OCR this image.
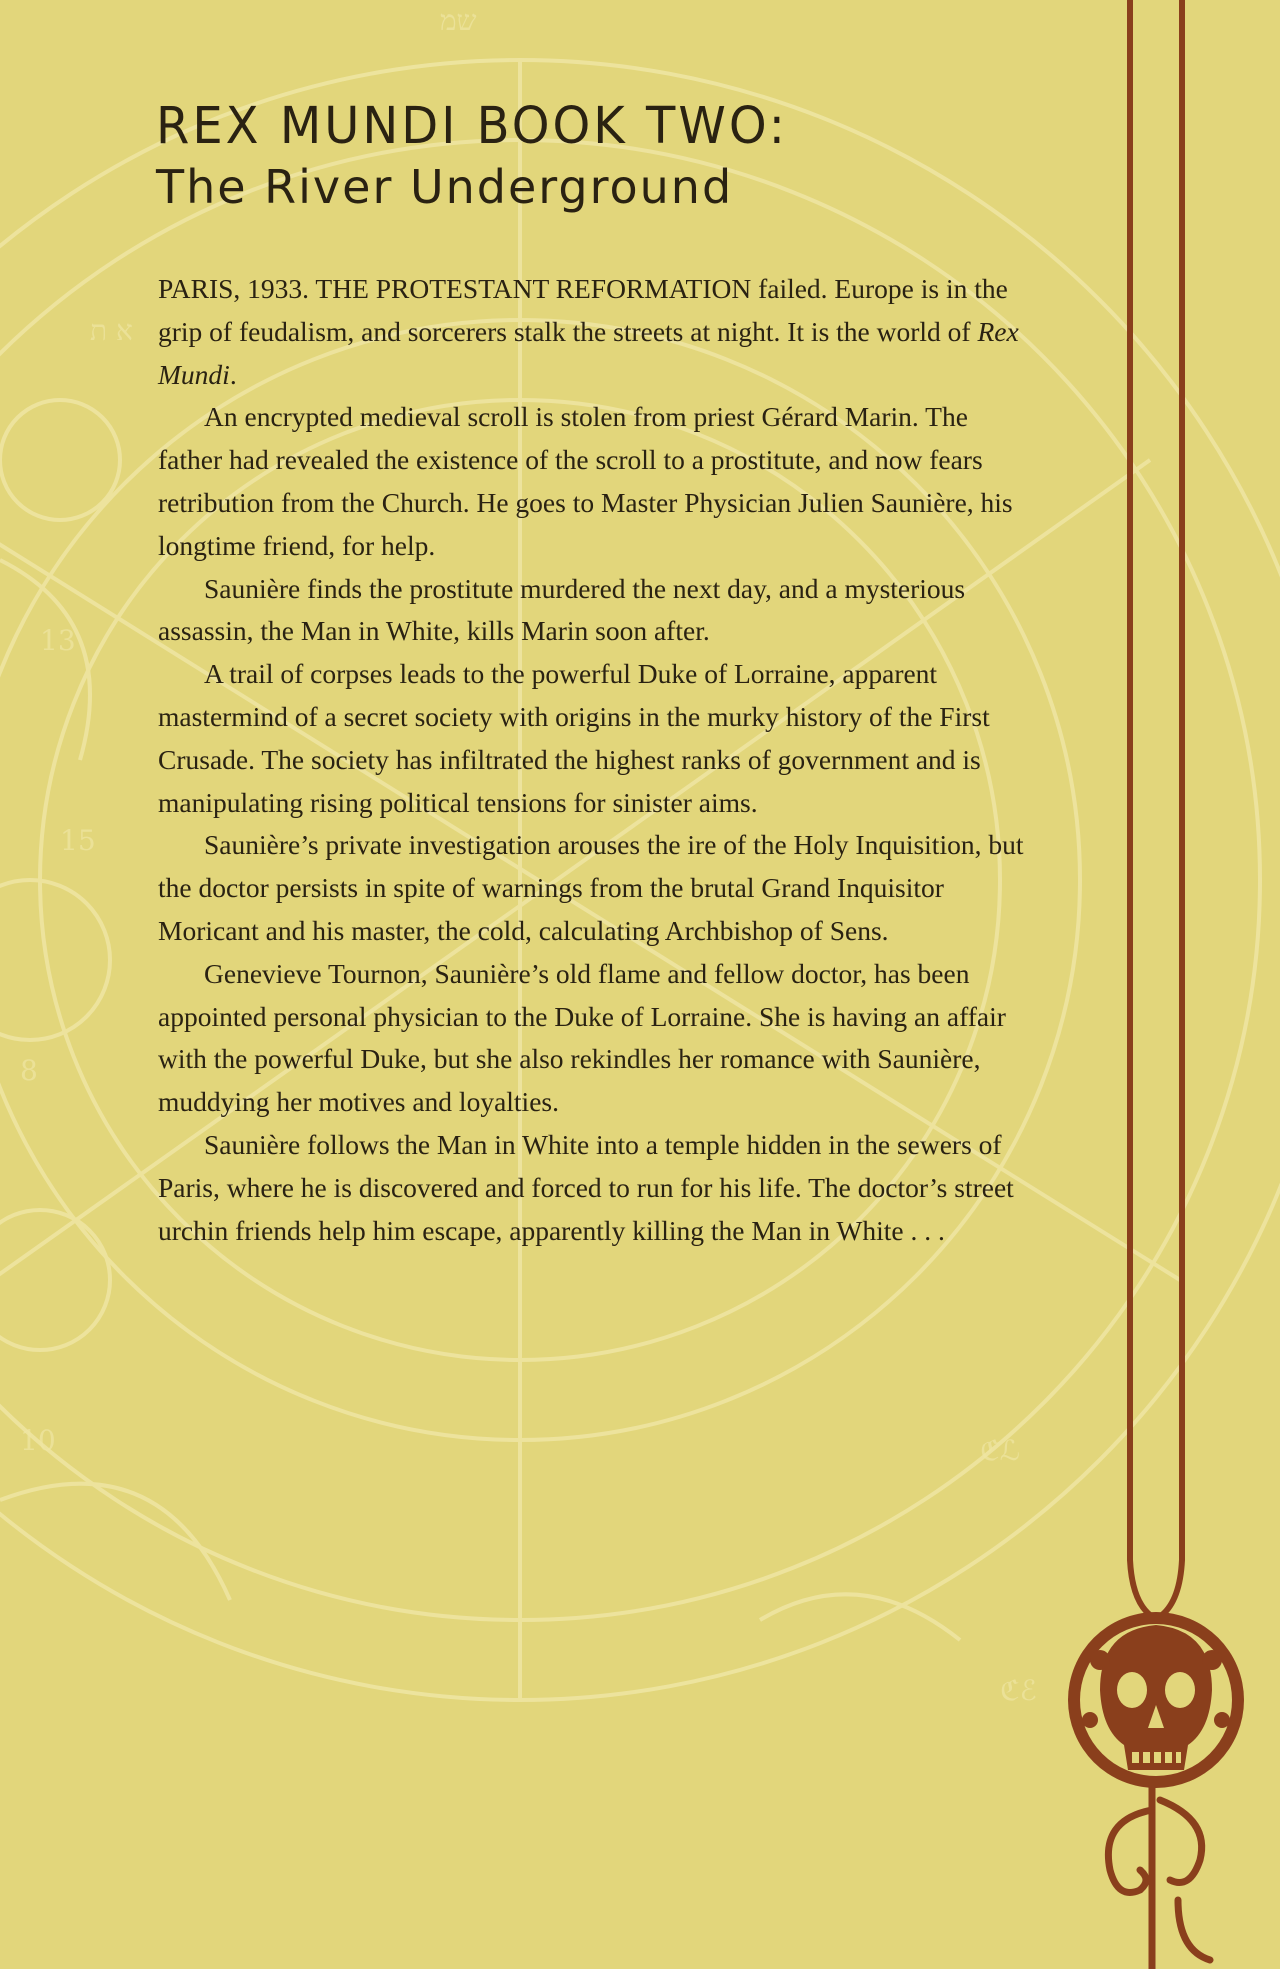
א ת
13
15
8
10	ℭℒ
ℭℰ
שמ
REX MUNDI BOOK TWO:
The River Underground

PARIS, 1933. THE PROTESTANT REFORMATION failed. Europe is in the grip of feudalism, and sorcerers stalk the streets at night. It is the world of Rex Mundi.

An encrypted medieval scroll is stolen from priest Gérard Marin. The father had revealed the existence of the scroll to a prostitute, and now fears retribution from the Church. He goes to Master Physician Julien Saunière, his longtime friend, for help.

Saunière finds the prostitute murdered the next day, and a mysterious assassin, the Man in White, kills Marin soon after.

A trail of corpses leads to the powerful Duke of Lorraine, apparent mastermind of a secret society with origins in the murky history of the First Crusade. The society has infiltrated the highest ranks of government and is manipulating rising political tensions for sinister aims.

Saunière’s private investigation arouses the ire of the Holy Inquisition, but the doctor persists in spite of warnings from the brutal Grand Inquisitor Moricant and his master, the cold, calculating Archbishop of Sens.

Genevieve Tournon, Saunière’s old flame and fellow doctor, has been appointed personal physician to the Duke of Lorraine. She is having an affair with the powerful Duke, but she also rekindles her romance with Saunière, muddying her motives and loyalties.

Saunière follows the Man in White into a temple hidden in the sewers of Paris, where he is discovered and forced to run for his life. The doctor’s street urchin friends help him escape, apparently killing the Man in White . . .
